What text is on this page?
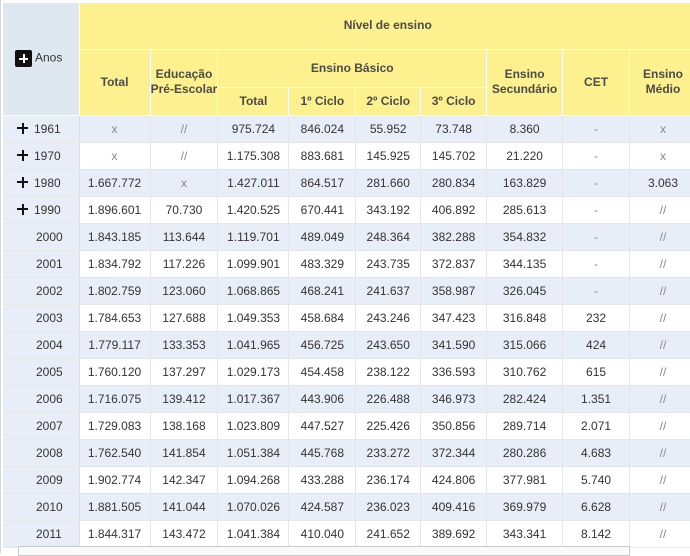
Anos	Nível de ensino								
	Total	Educação Pré-Escolar	Ensino Básico				Ensino Secundário	CET	Ensino Médio
			Total	1º Ciclo	2º Ciclo	3º Ciclo			
1961	x	//	975.724	846.024	55.952	73.748	8.360	-	x
1970	x	//	1.175.308	883.681	145.925	145.702	21.220	-	x
1980	1.667.772	x	1.427.011	864.517	281.660	280.834	163.829	-	3.063
1990	1.896.601	70.730	1.420.525	670.441	343.192	406.892	285.613	-	//
2000	1.843.185	113.644	1.119.701	489.049	248.364	382.288	354.832	-	//
2001	1.834.792	117.226	1.099.901	483.329	243.735	372.837	344.135	-	//
2002	1.802.759	123.060	1.068.865	468.241	241.637	358.987	326.045	-	//
2003	1.784.653	127.688	1.049.353	458.684	243.246	347.423	316.848	232	//
2004	1.779.117	133.353	1.041.965	456.725	243.650	341.590	315.066	424	//
2005	1.760.120	137.297	1.029.173	454.458	238.122	336.593	310.762	615	//
2006	1.716.075	139.412	1.017.367	443.906	226.488	346.973	282.424	1.351	//
2007	1.729.083	138.168	1.023.809	447.527	225.426	350.856	289.714	2.071	//
2008	1.762.540	141.854	1.051.384	445.768	233.272	372.344	280.286	4.683	//
2009	1.902.774	142.347	1.094.268	433.288	236.174	424.806	377.981	5.740	//
2010	1.881.505	141.044	1.070.026	424.587	236.023	409.416	369.979	6.628	//
2011	1.844.317	143.472	1.041.384	410.040	241.652	389.692	343.341	8.142	//
